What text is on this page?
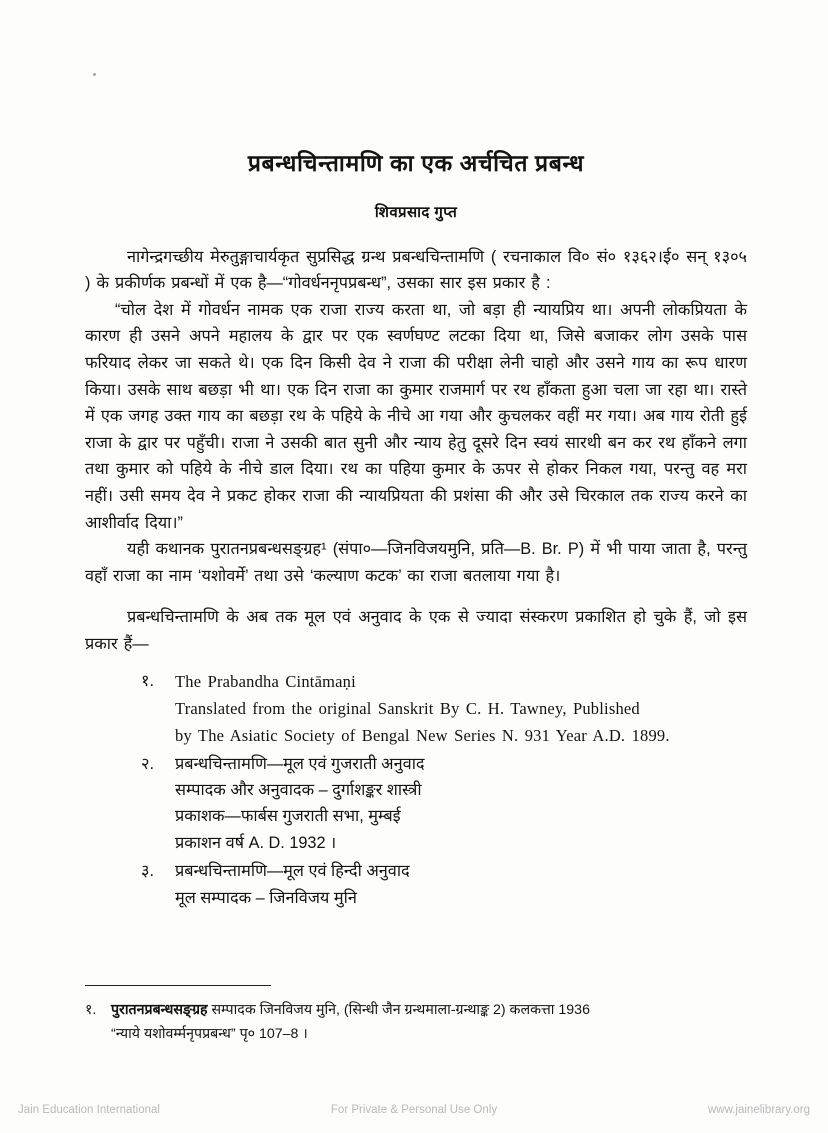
प्रबन्धचिन्तामणि का एक अर्चचित प्रबन्ध
शिवप्रसाद गुप्त

नागेन्द्रगच्छीय मेरुतुङ्गाचार्यकृत सुप्रसिद्ध ग्रन्थ प्रबन्धचिन्तामणि ( रचनाकाल वि० सं० १३६२।ई० सन् १३०५ ) के प्रकीर्णक प्रबन्धों में एक है—“गोवर्धननृपप्रबन्ध”, उसका सार इस प्रकार है :

“चोल देश में गोवर्धन नामक एक राजा राज्य करता था, जो बड़ा ही न्यायप्रिय था। अपनी लोकप्रियता के कारण ही उसने अपने महालय के द्वार पर एक स्वर्णघण्ट लटका दिया था, जिसे बजाकर लोग उसके पास फरियाद लेकर जा सकते थे। एक दिन किसी देव ने राजा की परीक्षा लेनी चाहो और उसने गाय का रूप धारण किया। उसके साथ बछड़ा भी था। एक दिन राजा का कुमार राजमार्ग पर रथ हाँकता हुआ चला जा रहा था। रास्ते में एक जगह उक्त गाय का बछड़ा रथ के पहिये के नीचे आ गया और कुचलकर वहीं मर गया। अब गाय रोती हुई राजा के द्वार पर पहुँची। राजा ने उसकी बात सुनी और न्याय हेतु दूसरे दिन स्वयं सारथी बन कर रथ हाँकने लगा तथा कुमार को पहिये के नीचे डाल दिया। रथ का पहिया कुमार के ऊपर से होकर निकल गया, परन्तु वह मरा नहीं। उसी समय देव ने प्रकट होकर राजा की न्यायप्रियता की प्रशंसा की और उसे चिरकाल तक राज्य करने का आशीर्वाद दिया।”

यही कथानक पुरातनप्रबन्धसङ्ग्रह¹ (संपा०—जिनविजयमुनि, प्रति—B. Br. P) में भी पाया जाता है, परन्तु वहाँ राजा का नाम ‘यशोवर्मे’ तथा उसे ‘कल्याण कटक’ का राजा बतलाया गया है।

प्रबन्धचिन्तामणि के अब तक मूल एवं अनुवाद के एक से ज्यादा संस्करण प्रकाशित हो चुके हैं, जो इस प्रकार हैं—

१.	The Prabandha Cintāmaṇi
Translated from the original Sanskrit By C. H. Tawney, Published
by The Asiatic Society of Bengal New Series N. 931 Year A.D. 1899.
२.	प्रबन्धचिन्तामणि—मूल एवं गुजराती अनुवाद
सम्पादक और अनुवादक – दुर्गाशङ्कर शास्त्री
प्रकाशक—फार्बस गुजराती सभा, मुम्बई
प्रकाशन वर्ष A. D. 1932 ।
३.	प्रबन्धचिन्तामणि—मूल एवं हिन्दी अनुवाद
मूल सम्पादक – जिनविजय मुनि
१.	पुरातनप्रबन्धसङ्ग्रह सम्पादक जिनविजय मुनि, (सिन्धी जैन ग्रन्थमाला-ग्रन्थाङ्क 2) कलकत्ता 1936
“न्याये यशोवर्म्मनृपप्रबन्ध” पृ० 107–8 ।
Jain Education International	For Private & Personal Use Only	www.jainelibrary.org
